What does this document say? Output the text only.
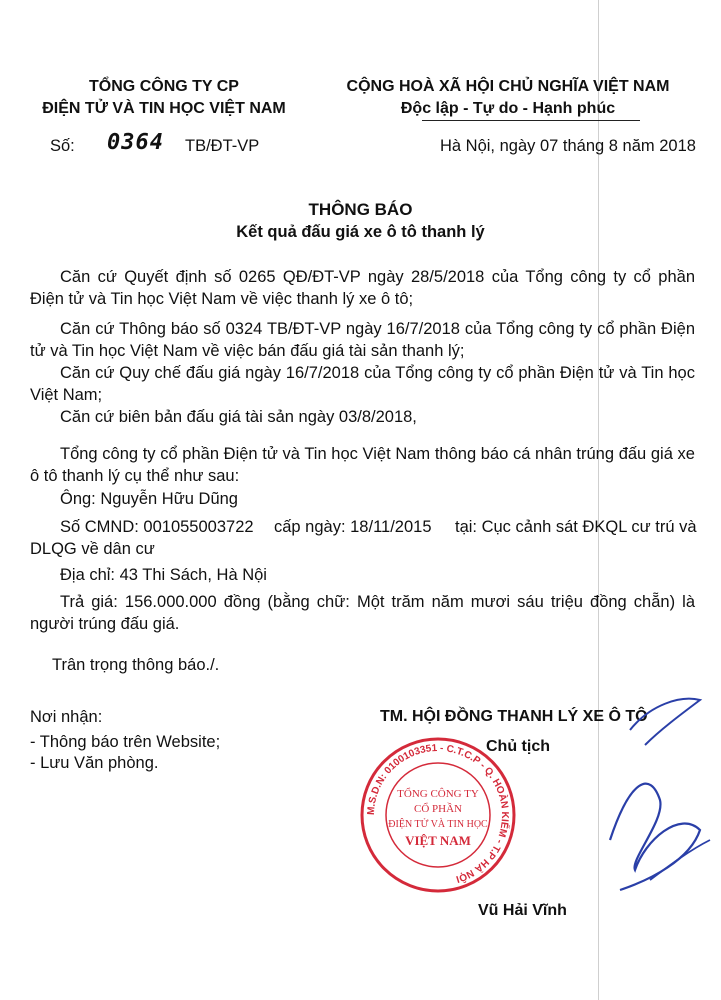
TỔNG CÔNG TY CP
ĐIỆN TỬ VÀ TIN HỌC VIỆT NAM
CỘNG HOÀ XÃ HỘI CHỦ NGHĨA VIỆT NAM
Độc lập - Tự do - Hạnh phúc
Số: 0364 TB/ĐT-VP	Hà Nội, ngày 07 tháng 8 năm 2018
THÔNG BÁO
Kết quả đấu giá xe ô tô thanh lý
Căn cứ Quyết định số 0265 QĐ/ĐT-VP ngày 28/5/2018 của Tổng công ty cổ phần Điện tử và Tin học Việt Nam về việc thanh lý xe ô tô;
Căn cứ Thông báo số 0324 TB/ĐT-VP ngày 16/7/2018 của Tổng công ty cổ phần Điện tử và Tin học Việt Nam về việc bán đấu giá tài sản thanh lý;
Căn cứ Quy chế đấu giá ngày 16/7/2018 của Tổng công ty cổ phần Điện tử và Tin học Việt Nam;
Căn cứ biên bản đấu giá tài sản ngày 03/8/2018,
Tổng công ty cổ phần Điện tử và Tin học Việt Nam thông báo cá nhân trúng đấu giá xe ô tô thanh lý cụ thể như sau:
Ông: Nguyễn Hữu Dũng
Số CMND: 001055003722 cấp ngày: 18/11/2015 tại: Cục cảnh sát ĐKQL cư trú và
DLQG về dân cư
Địa chỉ: 43 Thi Sách, Hà Nội
Trả giá: 156.000.000 đồng (bằng chữ: Một trăm năm mươi sáu triệu đồng chẵn) là người trúng đấu giá.
Trân trọng thông báo./.
Nơi nhận:
- Thông báo trên Website;
- Lưu Văn phòng.
TM. HỘI ĐỒNG THANH LÝ XE Ô TÔ
Chủ tịch
Vũ Hải Vĩnh
M.S.D.N: 0100103351 - C.T.C.P - Q. HOÀN KIẾM - T.P HÀ NỘI
TỔNG CÔNG TY
CỔ PHẦN
ĐIỆN TỬ VÀ TIN HỌC
VIỆT NAM
